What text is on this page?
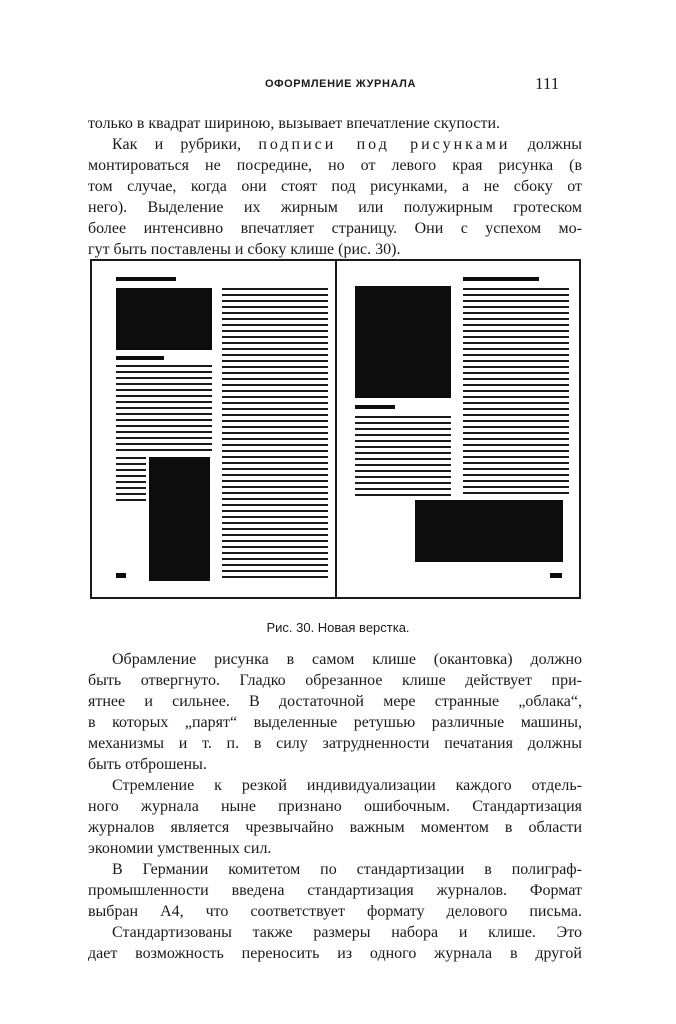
ОФОРМЛЕНИЕ ЖУРНАЛА	111
только в квадрат шириною, вызывает впечатление скупости.
Как и рубрики, подписи под рисунками должны
монтироваться не посредине, но от левого края рисунка (в
том случае, когда они стоят под рисунками, а не сбоку от
него). Выделение их жирным или полужирным гротеском
более интенсивно впечатляет страницу. Они с успехом мо-
гут быть поставлены и сбоку клише (рис. 30).
Рис. 30. Новая верстка.
Обрамление рисунка в самом клише (окантовка) должно
быть отвергнуто. Гладко обрезанное клише действует при-
ятнее и сильнее. В достаточной мере странные „облака“,
в которых „парят“ выделенные ретушью различные машины,
механизмы и т. п. в силу затрудненности печатания должны
быть отброшены.
Стремление к резкой индивидуализации каждого отдель-
ного журнала ныне признано ошибочным. Стандартизация
журналов является чрезвычайно важным моментом в области
экономии умственных сил.
В Германии комитетом по стандартизации в полиграф-
промышленности введена стандартизация журналов. Формат
выбран А4, что соответствует формату делового письма.
Стандартизованы также размеры набора и клише. Это
дает возможность переносить из одного журнала в другой
